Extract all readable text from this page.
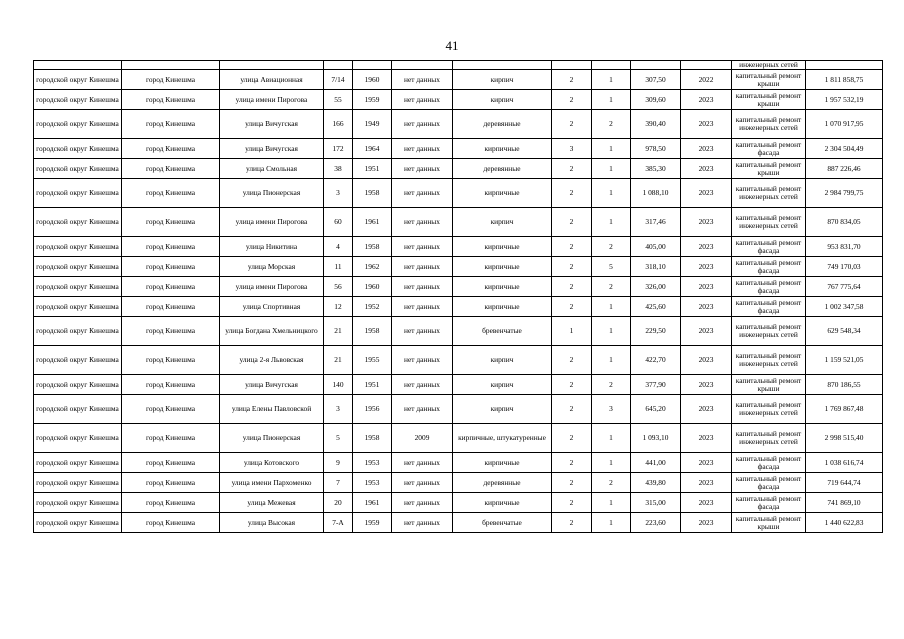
41
											инженерных сетей	
городской округ Кинешма	город Кинешма	улица Авиационная	7/14	1960	нет данных	кирпич	2	1	307,50	2022	капитальный ремонт крыши	1 811 858,75
городской округ Кинешма	город Кинешма	улица имени Пирогова	55	1959	нет данных	кирпич	2	1	309,60	2023	капитальный ремонт крыши	1 957 532,19
городской округ Кинешма	город Кинешма	улица Вичугская	166	1949	нет данных	деревянные	2	2	390,40	2023	капитальный ремонт инженерных сетей	1 070 917,95
городской округ Кинешма	город Кинешма	улица Вичугская	172	1964	нет данных	кирпичные	3	1	978,50	2023	капитальный ремонт фасада	2 304 504,49
городской округ Кинешма	город Кинешма	улица Смольная	38	1951	нет данных	деревянные	2	1	385,30	2023	капитальный ремонт крыши	887 226,46
городской округ Кинешма	город Кинешма	улица Пионерская	3	1958	нет данных	кирпичные	2	1	1 088,10	2023	капитальный ремонт инженерных сетей	2 984 799,75
городской округ Кинешма	город Кинешма	улица имени Пирогова	60	1961	нет данных	кирпич	2	1	317,46	2023	капитальный ремонт инженерных сетей	870 834,05
городской округ Кинешма	город Кинешма	улица Никитина	4	1958	нет данных	кирпичные	2	2	405,00	2023	капитальный ремонт фасада	953 831,70
городской округ Кинешма	город Кинешма	улица Морская	11	1962	нет данных	кирпичные	2	5	318,10	2023	капитальный ремонт фасада	749 170,03
городской округ Кинешма	город Кинешма	улица имени Пирогова	56	1960	нет данных	кирпичные	2	2	326,00	2023	капитальный ремонт фасада	767 775,64
городской округ Кинешма	город Кинешма	улица Спортивная	12	1952	нет данных	кирпичные	2	1	425,60	2023	капитальный ремонт фасада	1 002 347,58
городской округ Кинешма	город Кинешма	улица Богдана Хмельницкого	21	1958	нет данных	бревенчатые	1	1	229,50	2023	капитальный ремонт инженерных сетей	629 548,34
городской округ Кинешма	город Кинешма	улица 2-я Львовская	21	1955	нет данных	кирпич	2	1	422,70	2023	капитальный ремонт инженерных сетей	1 159 521,05
городской округ Кинешма	город Кинешма	улица Вичугская	140	1951	нет данных	кирпич	2	2	377,90	2023	капитальный ремонт крыши	870 186,55
городской округ Кинешма	город Кинешма	улица Елены Павловской	3	1956	нет данных	кирпич	2	3	645,20	2023	капитальный ремонт инженерных сетей	1 769 867,48
городской округ Кинешма	город Кинешма	улица Пионерская	5	1958	2009	кирпичные, штукатуренные	2	1	1 093,10	2023	капитальный ремонт инженерных сетей	2 998 515,40
городской округ Кинешма	город Кинешма	улица Котовского	9	1953	нет данных	кирпичные	2	1	441,00	2023	капитальный ремонт фасада	1 038 616,74
городской округ Кинешма	город Кинешма	улица имени Пархоменко	7	1953	нет данных	деревянные	2	2	439,80	2023	капитальный ремонт фасада	719 644,74
городской округ Кинешма	город Кинешма	улица Межевая	20	1961	нет данных	кирпичные	2	1	315,00	2023	капитальный ремонт фасада	741 869,10
городской округ Кинешма	город Кинешма	улица Высокая	7-А	1959	нет данных	бревенчатые	2	1	223,60	2023	капитальный ремонт крыши	1 440 622,83
